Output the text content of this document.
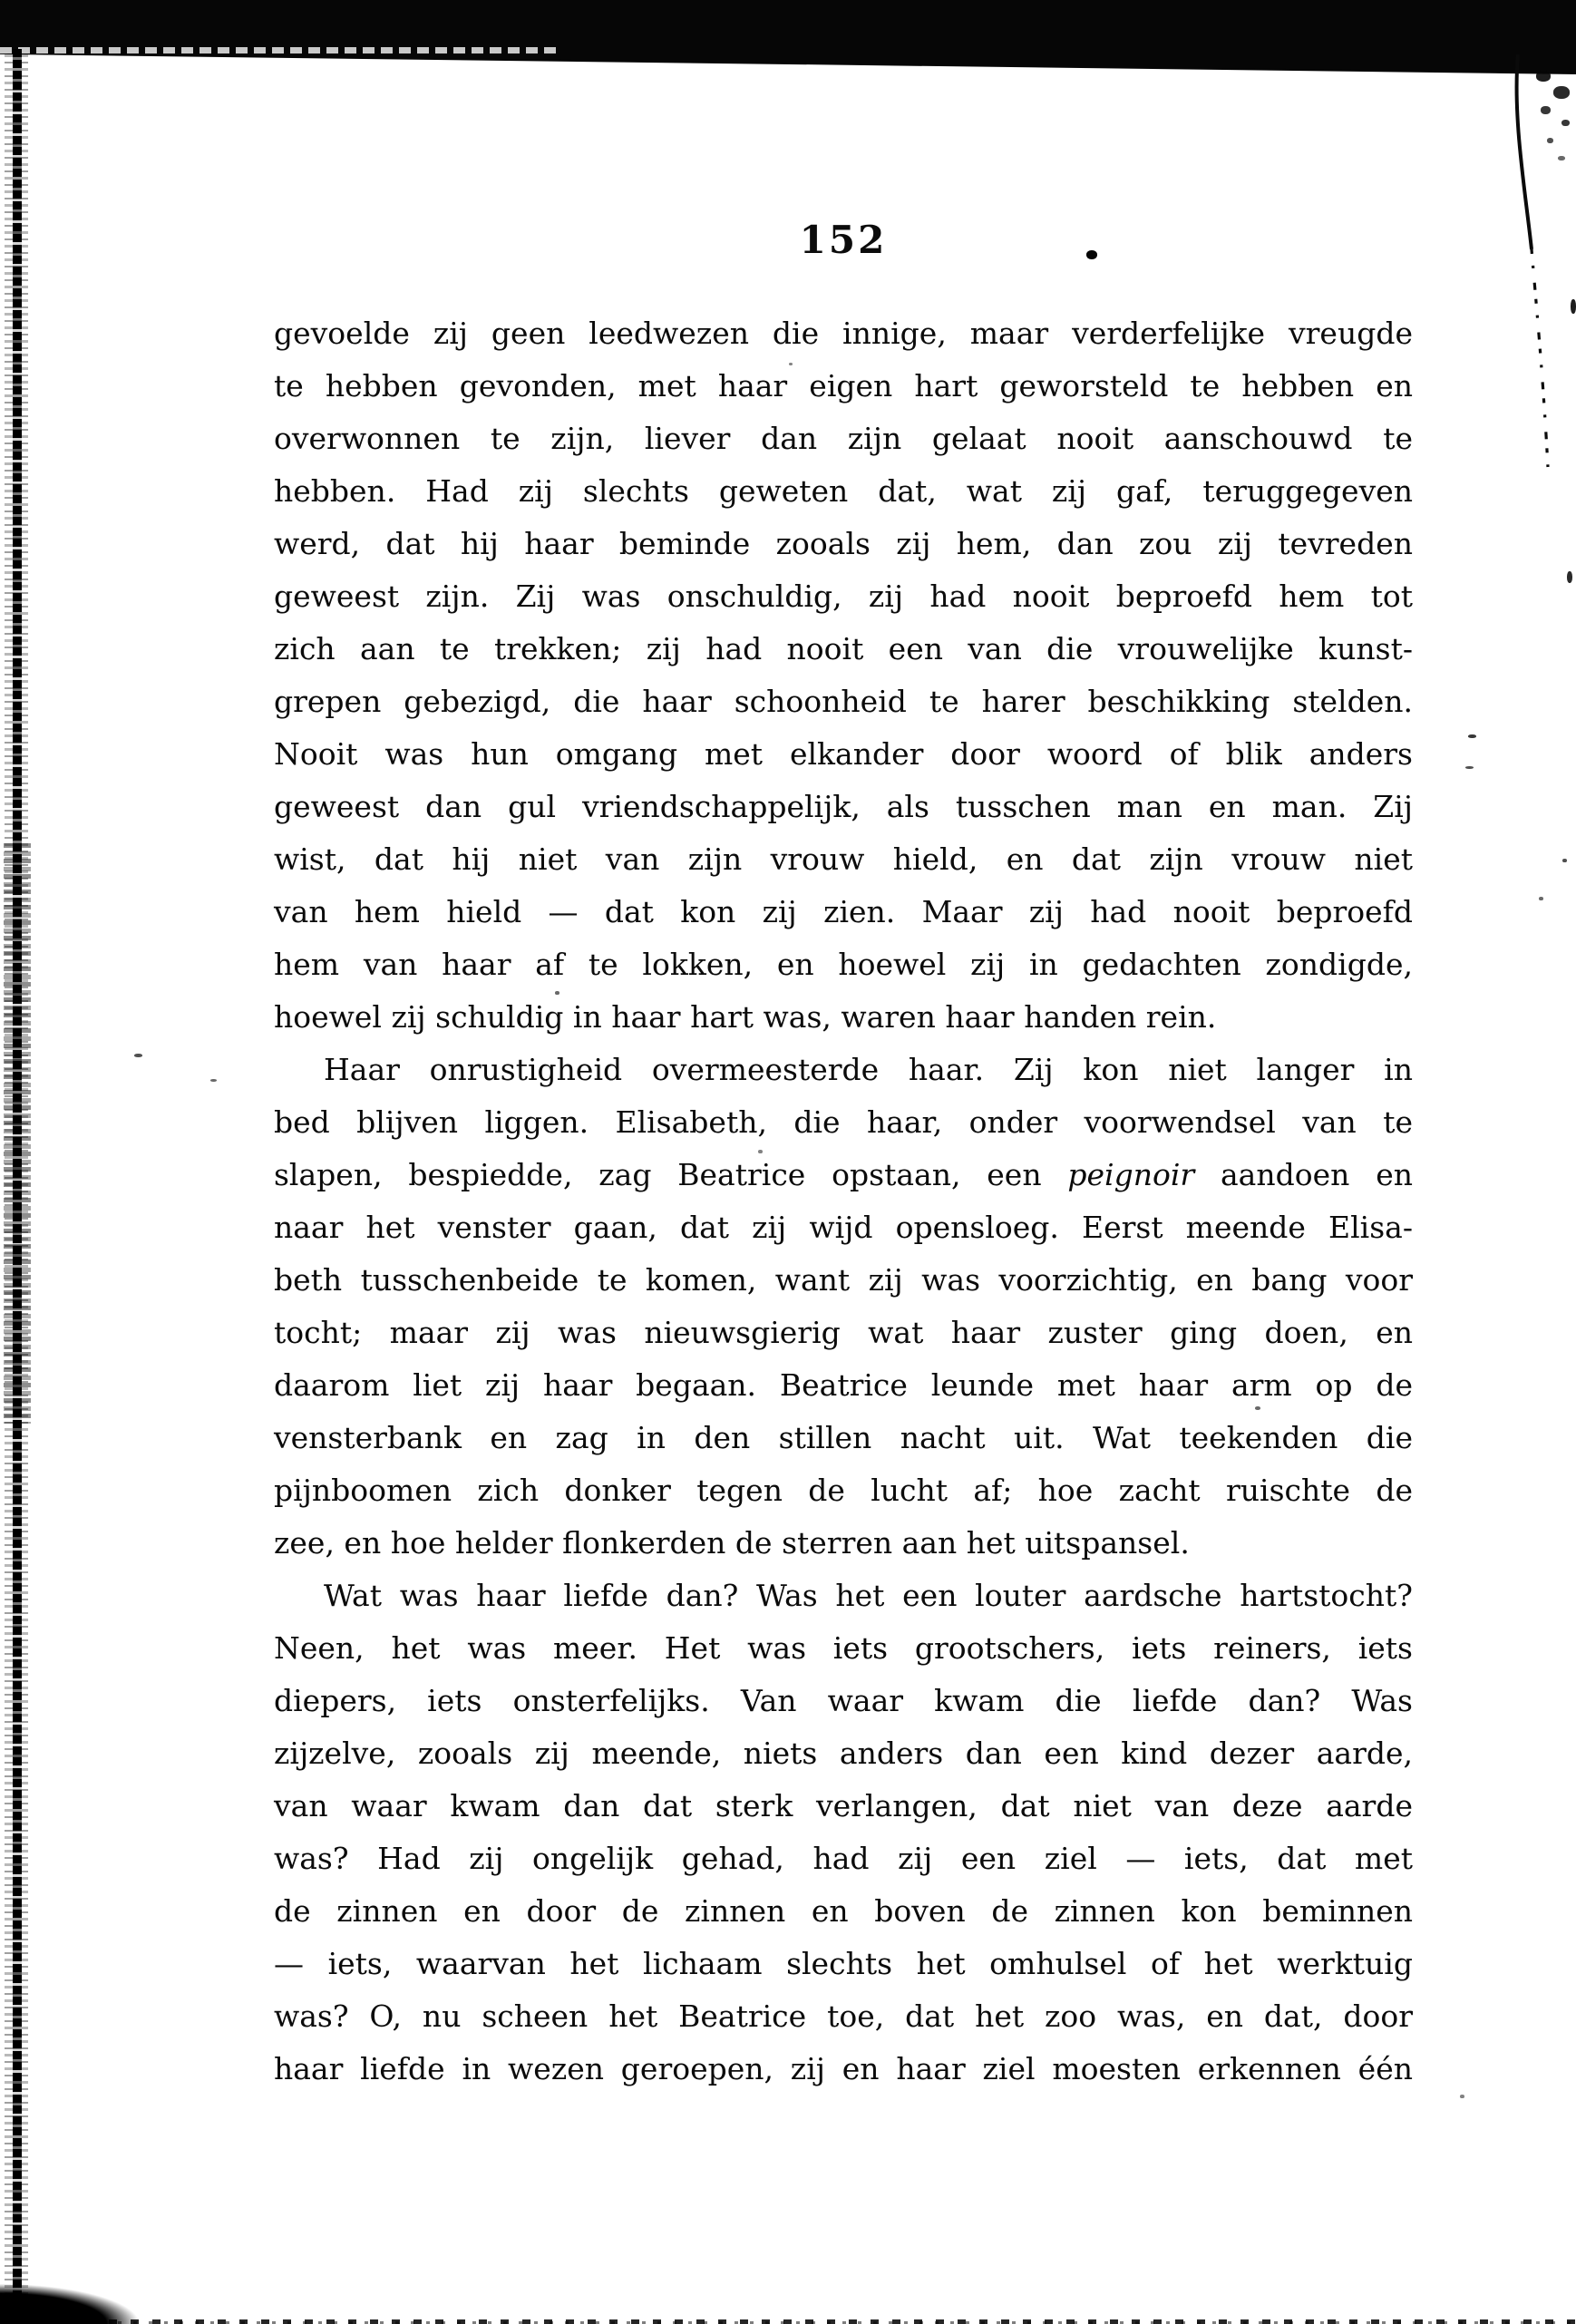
152
gevoelde zij geen leedwezen die innige, maar verderfelijke vreugde
te hebben gevonden, met haar eigen hart geworsteld te hebben en
overwonnen te zijn, liever dan zijn gelaat nooit aanschouwd te
hebben. Had zij slechts geweten dat, wat zij gaf, teruggegeven
werd, dat hij haar beminde zooals zij hem, dan zou zij tevreden
geweest zijn. Zij was onschuldig, zij had nooit beproefd hem tot
zich aan te trekken; zij had nooit een van die vrouwelijke kunst-
grepen gebezigd, die haar schoonheid te harer beschikking stelden.
Nooit was hun omgang met elkander door woord of blik anders
geweest dan gul vriendschappelijk, als tusschen man en man. Zij
wist, dat hij niet van zijn vrouw hield, en dat zijn vrouw niet
van hem hield — dat kon zij zien. Maar zij had nooit beproefd
hem van haar af te lokken, en hoewel zij in gedachten zondigde,
hoewel zij schuldig in haar hart was, waren haar handen rein.
Haar onrustigheid overmeesterde haar. Zij kon niet langer in
bed blijven liggen. Elisabeth, die haar, onder voorwendsel van te
slapen, bespiedde, zag Beatrice opstaan, een peignoir aandoen en
naar het venster gaan, dat zij wijd opensloeg. Eerst meende Elisa-
beth tusschenbeide te komen, want zij was voorzichtig, en bang voor
tocht; maar zij was nieuwsgierig wat haar zuster ging doen, en
daarom liet zij haar begaan. Beatrice leunde met haar arm op de
vensterbank en zag in den stillen nacht uit. Wat teekenden die
pijnboomen zich donker tegen de lucht af; hoe zacht ruischte de
zee, en hoe helder flonkerden de sterren aan het uitspansel.
Wat was haar liefde dan? Was het een louter aardsche hartstocht?
Neen, het was meer. Het was iets grootschers, iets reiners, iets
diepers, iets onsterfelijks. Van waar kwam die liefde dan? Was
zijzelve, zooals zij meende, niets anders dan een kind dezer aarde,
van waar kwam dan dat sterk verlangen, dat niet van deze aarde
was? Had zij ongelijk gehad, had zij een ziel — iets, dat met
de zinnen en door de zinnen en boven de zinnen kon beminnen
— iets, waarvan het lichaam slechts het omhulsel of het werktuig
was? O, nu scheen het Beatrice toe, dat het zoo was, en dat, door
haar liefde in wezen geroepen, zij en haar ziel moesten erkennen één
